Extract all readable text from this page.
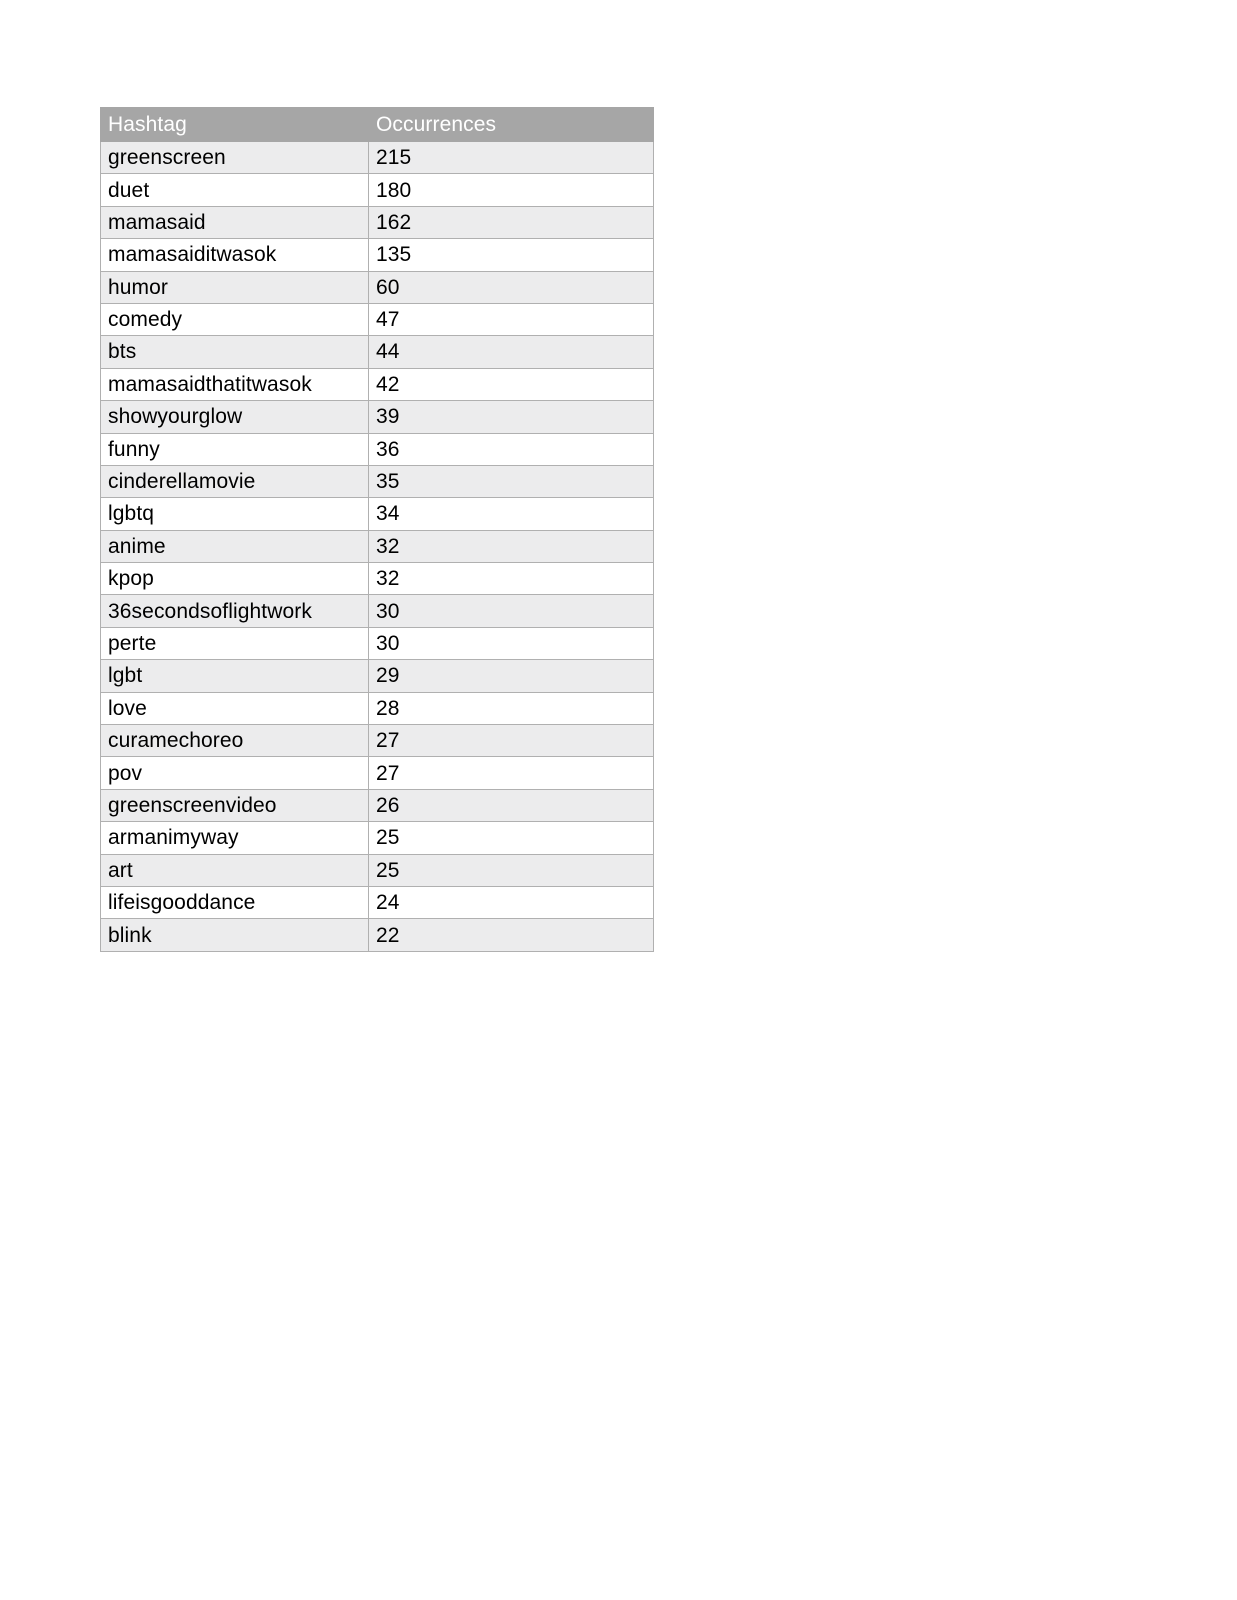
Hashtag	Occurrences
greenscreen	215
duet	180
mamasaid	162
mamasaiditwasok	135
humor	60
comedy	47
bts	44
mamasaidthatitwasok	42
showyourglow	39
funny	36
cinderellamovie	35
lgbtq	34
anime	32
kpop	32
36secondsoflightwork	30
perte	30
lgbt	29
love	28
curamechoreo	27
pov	27
greenscreenvideo	26
armanimyway	25
art	25
lifeisgooddance	24
blink	22
